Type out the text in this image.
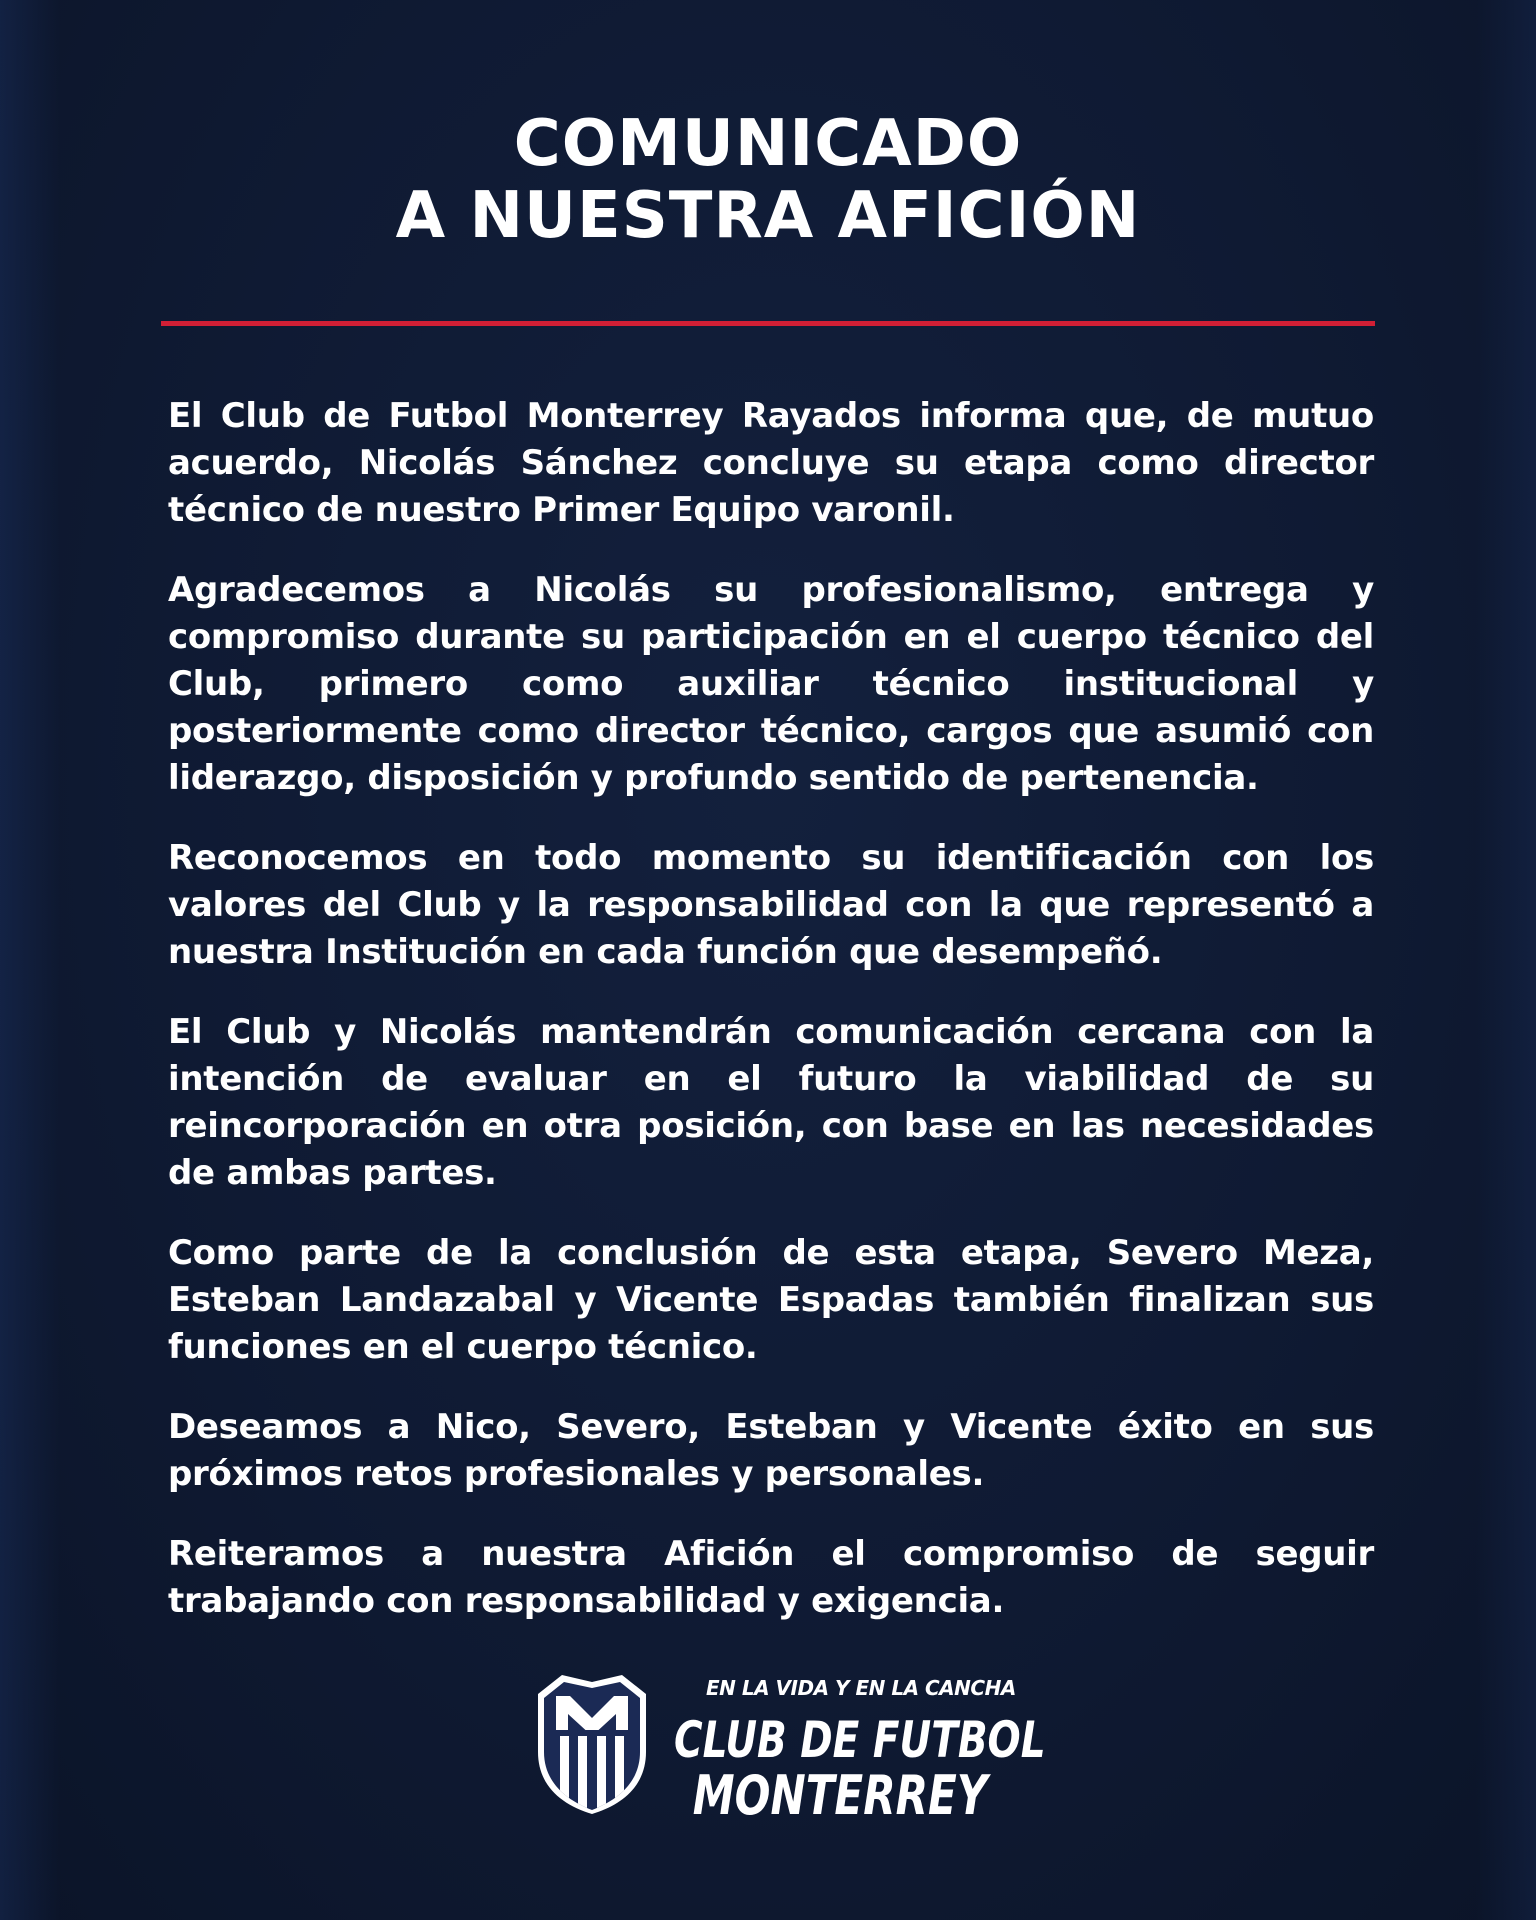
COMUNICADO
A NUESTRA AFICIÓN

El Club de Futbol Monterrey Rayados informa que, de mutuo acuerdo, Nicolás Sánchez concluye su etapa como director técnico de nuestro Primer Equipo varonil.

Agradecemos a Nicolás su profesionalismo, entrega y compromiso durante su participación en el cuerpo técnico del Club, primero como auxiliar técnico institucional y posteriormente como director técnico, cargos que asumió con liderazgo, disposición y profundo sentido de pertenencia.

Reconocemos en todo momento su identificación con los valores del Club y la responsabilidad con la que representó a nuestra Institución en cada función que desempeñó.

El Club y Nicolás mantendrán comunicación cercana con la intención de evaluar en el futuro la viabilidad de su reincorporación en otra posición, con base en las necesidades de ambas partes.

Como parte de la conclusión de esta etapa, Severo Meza, Esteban Landazabal y Vicente Espadas también finalizan sus funciones en el cuerpo técnico.

Deseamos a Nico, Severo, Esteban y Vicente éxito en sus próximos retos profesionales y personales.

Reiteramos a nuestra Afición el compromiso de seguir trabajando con responsabilidad y exigencia.

EN LA VIDA Y EN LA CANCHA
CLUB DE FUTBOL
MONTERREY
